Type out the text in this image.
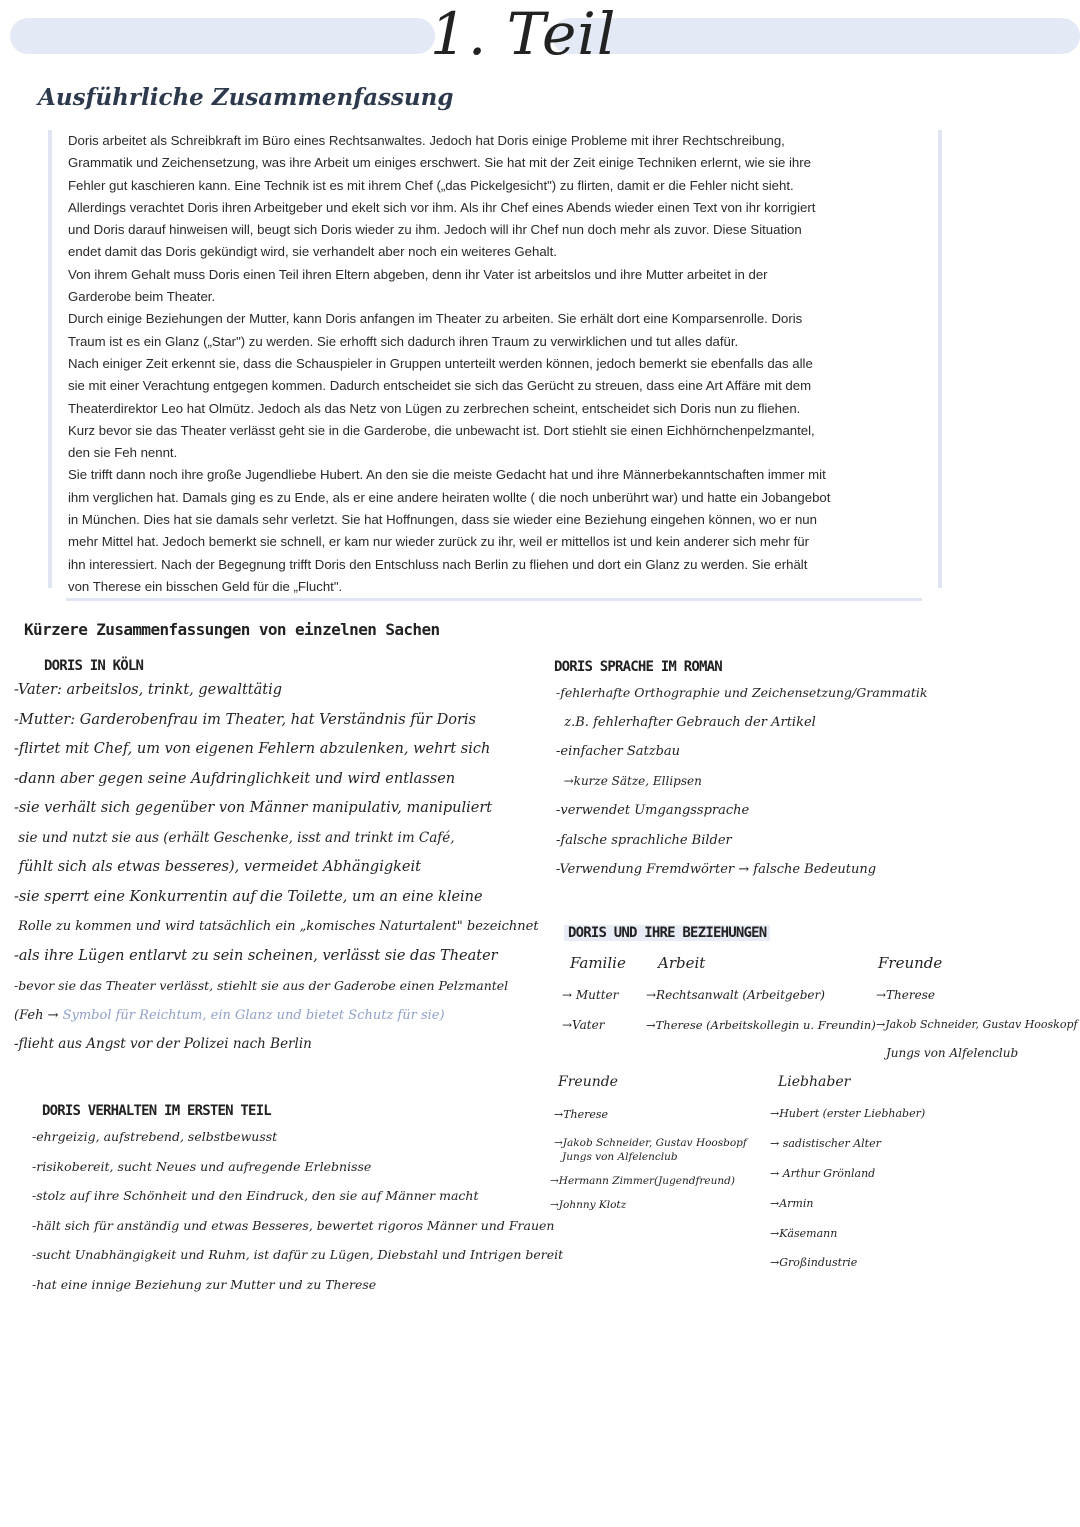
1. Teil
Ausführliche Zusammenfassung

Doris arbeitet als Schreibkraft im Büro eines Rechtsanwaltes. Jedoch hat Doris einige Probleme mit ihrer Rechtschreibung,

Grammatik und Zeichensetzung, was ihre Arbeit um einiges erschwert. Sie hat mit der Zeit einige Techniken erlernt, wie sie ihre

Fehler gut kaschieren kann. Eine Technik ist es mit ihrem Chef („das Pickelgesicht") zu flirten, damit er die Fehler nicht sieht.

Allerdings verachtet Doris ihren Arbeitgeber und ekelt sich vor ihm. Als ihr Chef eines Abends wieder einen Text von ihr korrigiert

und Doris darauf hinweisen will, beugt sich Doris wieder zu ihm. Jedoch will ihr Chef nun doch mehr als zuvor. Diese Situation

endet damit das Doris gekündigt wird, sie verhandelt aber noch ein weiteres Gehalt.

Von ihrem Gehalt muss Doris einen Teil ihren Eltern abgeben, denn ihr Vater ist arbeitslos und ihre Mutter arbeitet in der

Garderobe beim Theater.

Durch einige Beziehungen der Mutter, kann Doris anfangen im Theater zu arbeiten. Sie erhält dort eine Komparsenrolle. Doris

Traum ist es ein Glanz („Star") zu werden. Sie erhofft sich dadurch ihren Traum zu verwirklichen und tut alles dafür.

Nach einiger Zeit erkennt sie, dass die Schauspieler in Gruppen unterteilt werden können, jedoch bemerkt sie ebenfalls das alle

sie mit einer Verachtung entgegen kommen. Dadurch entscheidet sie sich das Gerücht zu streuen, dass eine Art Affäre mit dem

Theaterdirektor Leo hat Olmütz. Jedoch als das Netz von Lügen zu zerbrechen scheint, entscheidet sich Doris nun zu fliehen.

Kurz bevor sie das Theater verlässt geht sie in die Garderobe, die unbewacht ist. Dort stiehlt sie einen Eichhörnchenpelzmantel,

den sie Feh nennt.

Sie trifft dann noch ihre große Jugendliebe Hubert. An den sie die meiste Gedacht hat und ihre Männerbekanntschaften immer mit

ihm verglichen hat. Damals ging es zu Ende, als er eine andere heiraten wollte ( die noch unberührt war) und hatte ein Jobangebot

in München. Dies hat sie damals sehr verletzt. Sie hat Hoffnungen, dass sie wieder eine Beziehung eingehen können, wo er nun

mehr Mittel hat. Jedoch bemerkt sie schnell, er kam nur wieder zurück zu ihr, weil er mittellos ist und kein anderer sich mehr für

ihn interessiert. Nach der Begegnung trifft Doris den Entschluss nach Berlin zu fliehen und dort ein Glanz zu werden. Sie erhält

von Therese ein bisschen Geld für die „Flucht".

Kürzere Zusammenfassungen von einzelnen Sachen
DORIS IN KÖLN
-Vater: arbeitslos, trinkt, gewalttätig
-Mutter: Garderobenfrau im Theater, hat Verständnis für Doris
-flirtet mit Chef, um von eigenen Fehlern abzulenken, wehrt sich
-dann aber gegen seine Aufdringlichkeit und wird entlassen
-sie verhält sich gegenüber von Männer manipulativ, manipuliert
sie und nutzt sie aus (erhält Geschenke, isst and trinkt im Café,
fühlt sich als etwas besseres), vermeidet Abhängigkeit
-sie sperrt eine Konkurrentin auf die Toilette, um an eine kleine
Rolle zu kommen und wird tatsächlich ein „komisches Naturtalent" bezeichnet
-als ihre Lügen entlarvt zu sein scheinen, verlässt sie das Theater
-bevor sie das Theater verlässt, stiehlt sie aus der Gaderobe einen Pelzmantel
(Feh → Symbol für Reichtum, ein Glanz und bietet Schutz für sie)
-flieht aus Angst vor der Polizei nach Berlin
DORIS VERHALTEN IM ERSTEN TEIL
-ehrgeizig, aufstrebend, selbstbewusst
-risikobereit, sucht Neues und aufregende Erlebnisse
-stolz auf ihre Schönheit und den Eindruck, den sie auf Männer macht
-hält sich für anständig und etwas Besseres, bewertet rigoros Männer und Frauen
-sucht Unabhängigkeit und Ruhm, ist dafür zu Lügen, Diebstahl und Intrigen bereit
-hat eine innige Beziehung zur Mutter und zu Therese
DORIS SPRACHE IM ROMAN
-fehlerhafte Orthographie und Zeichensetzung/Grammatik
z.B. fehlerhafter Gebrauch der Artikel
-einfacher Satzbau
→kurze Sätze, Ellipsen
-verwendet Umgangssprache
-falsche sprachliche Bilder
-Verwendung Fremdwörter → falsche Bedeutung
DORIS UND IHRE BEZIEHUNGEN
Familie Arbeit	Freunde
→ Mutter
→Vater
→Rechtsanwalt (Arbeitgeber)
→Therese (Arbeitskollegin u. Freundin)
→Therese
→Jakob Schneider, Gustav Hooskopf
Jungs von Alfelenclub
Freunde
→Therese
→Jakob Schneider, Gustav Hoosbopf
Jungs von Alfelenclub
→Hermann Zimmer (Jugendfreund)
→Johnny Klotz
Liebhaber
→Hubert (erster Liebhaber)
→ sadistischer Alter
→ Arthur Grönland
→Armin
→Käsemann
→Großindustrie
